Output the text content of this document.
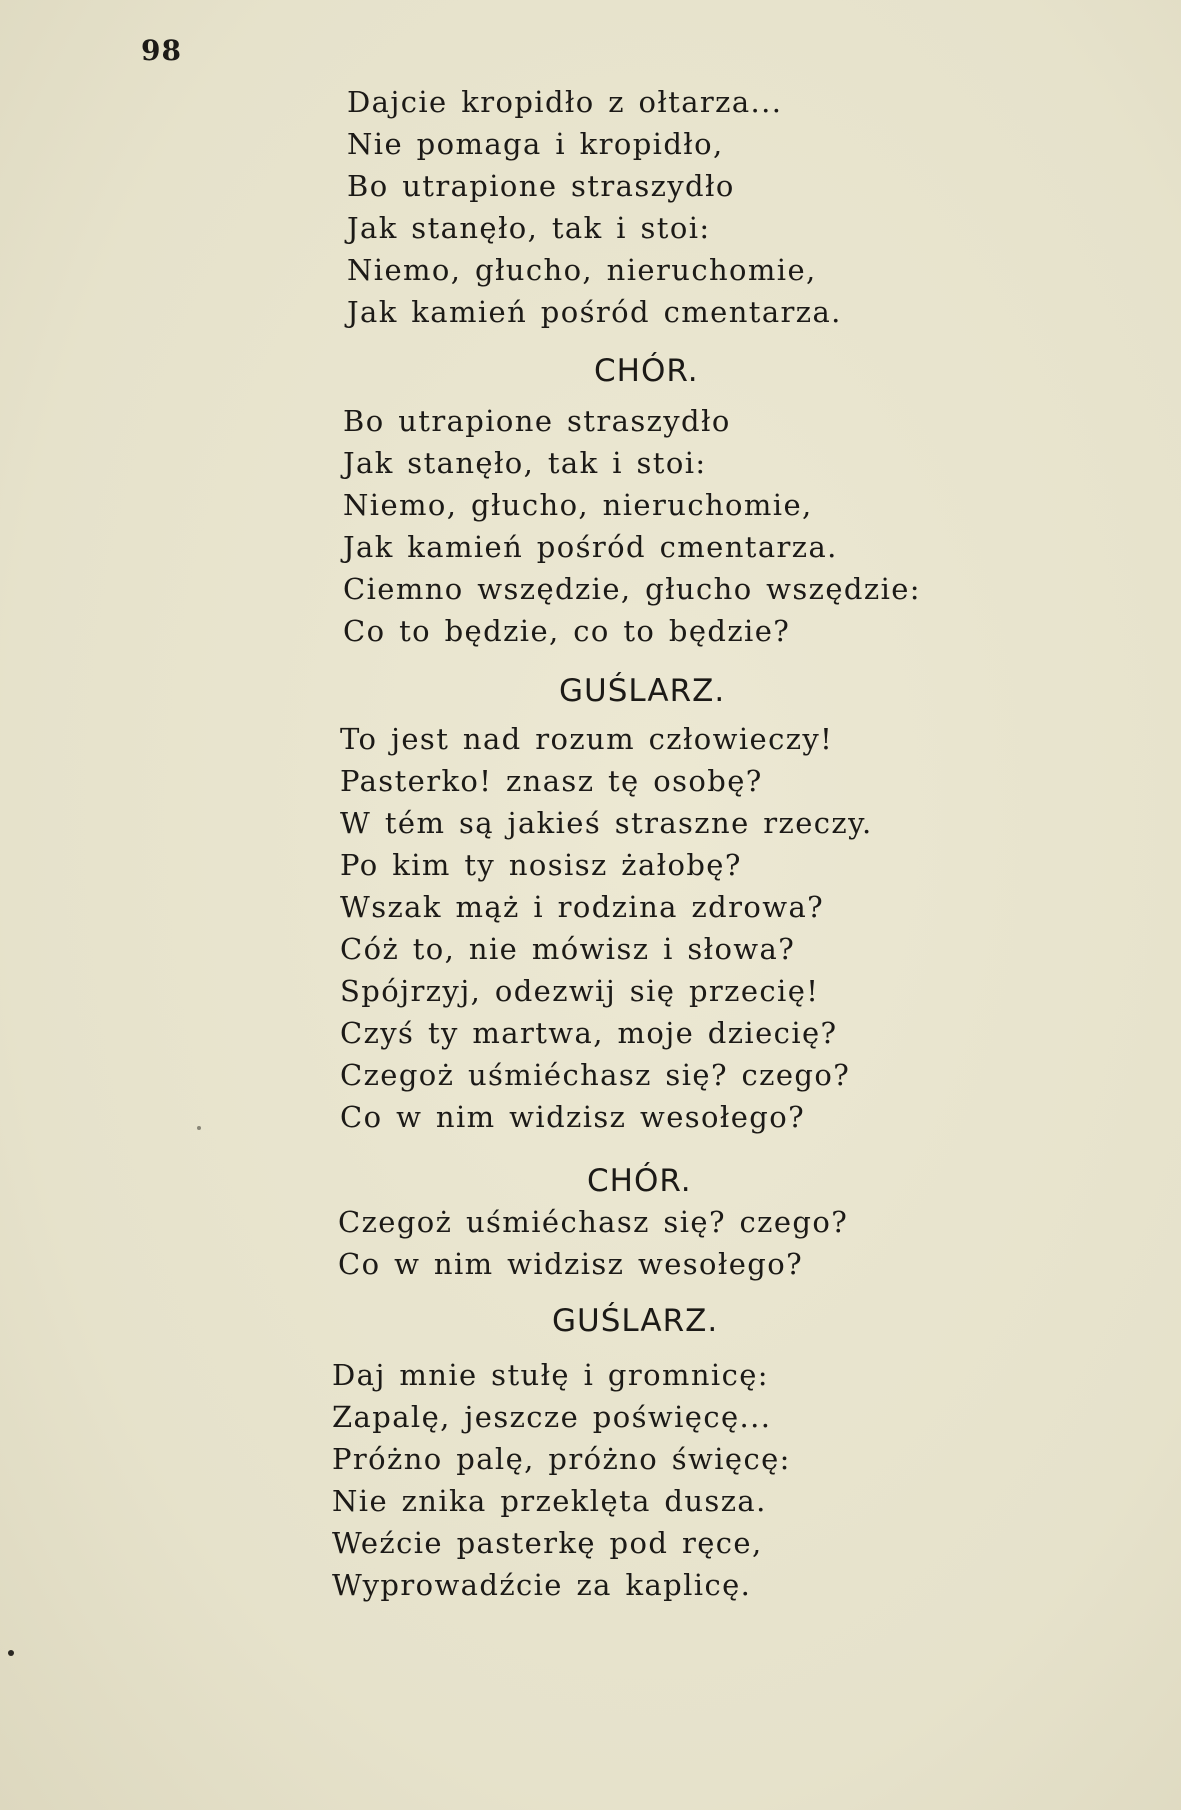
98
Dajcie kropidło z ołtarza...
Nie pomaga i kropidło,
Bo utrapione straszydło
Jak stanęło, tak i stoi:
Niemo, głucho, nieruchomie,
Jak kamień pośród cmentarza.
CHÓR.
Bo utrapione straszydło
Jak stanęło, tak i stoi:
Niemo, głucho, nieruchomie,
Jak kamień pośród cmentarza.
Ciemno wszędzie, głucho wszędzie:
Co to będzie, co to będzie?
GUŚLARZ.
To jest nad rozum człowieczy!
Pasterko! znasz tę osobę?
W tém są jakieś straszne rzeczy.
Po kim ty nosisz żałobę?
Wszak mąż i rodzina zdrowa?
Cóż to, nie mówisz i słowa?
Spójrzyj, odezwij się przecię!
Czyś ty martwa, moje dziecię?
Czegoż uśmiéchasz się? czego?
Co w nim widzisz wesołego?
CHÓR.
Czegoż uśmiéchasz się? czego?
Co w nim widzisz wesołego?
GUŚLARZ.
Daj mnie stułę i gromnicę:
Zapalę, jeszcze poświęcę...
Próżno palę, próżno święcę:
Nie znika przeklęta dusza.
Weźcie pasterkę pod ręce,
Wyprowadźcie za kaplicę.
